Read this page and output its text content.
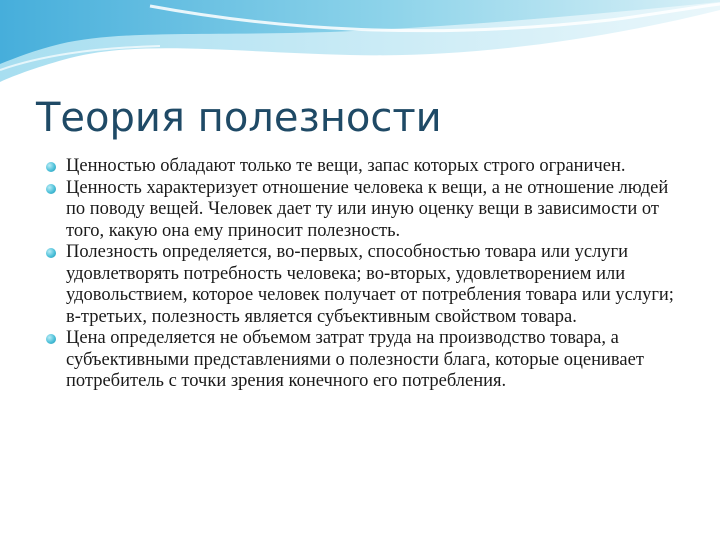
Теория полезности
Ценностью обладают только те вещи, запас которых строго ограничен.
Ценность характеризует отношение человека к вещи, а не отношение людей по поводу вещей. Человек дает ту или иную оценку вещи в зависимости от того, какую она ему приносит полезность.
Полезность определяется, во-первых, способностью товара или услуги удовлетворять потребность человека; во-вторых, удовлетворением или удовольствием, которое человек получает от потребления товара или услуги; в-третьих, полезность является субъективным свойством товара.
Цена определяется не объемом затрат труда на производство товара, а субъективными представлениями о полезности блага, которые оценивает потребитель с точки зрения конечного его потребления.
